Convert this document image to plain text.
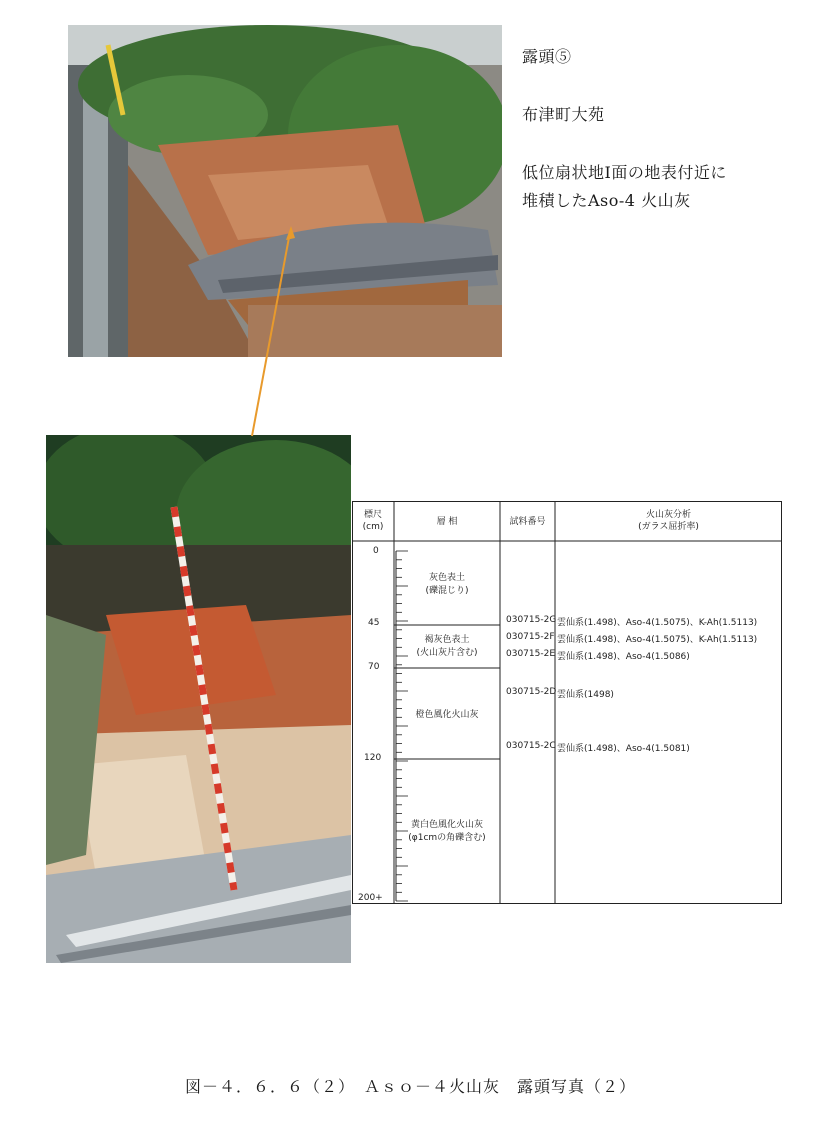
露頭⑤
布津町大苑
低位扇状地Ⅰ面の地表付近に
堆積したAso-4 火山灰
標尺
(cm)	層 相	試料番号
火山灰分析
(ガラス屈折率)
0
45
70
120
200+
灰色表土
(礫混じり)
褐灰色表土
(火山灰片含む)
橙色風化火山灰
黄白色風化火山灰
(φ1cmの角礫含む)
030715-2G 雲仙系(1.498)、Aso-4(1.5075)、K-Ah(1.5113)
030715-2F 雲仙系(1.498)、Aso-4(1.5075)、K-Ah(1.5113)
030715-2E 雲仙系(1.498)、Aso-4(1.5086)
030715-2D 雲仙系(1498)
030715-2C 雲仙系(1.498)、Aso-4(1.5081)
図－４．６．６（２）　Ａｓｏ－４火山灰　露頭写真（２）
